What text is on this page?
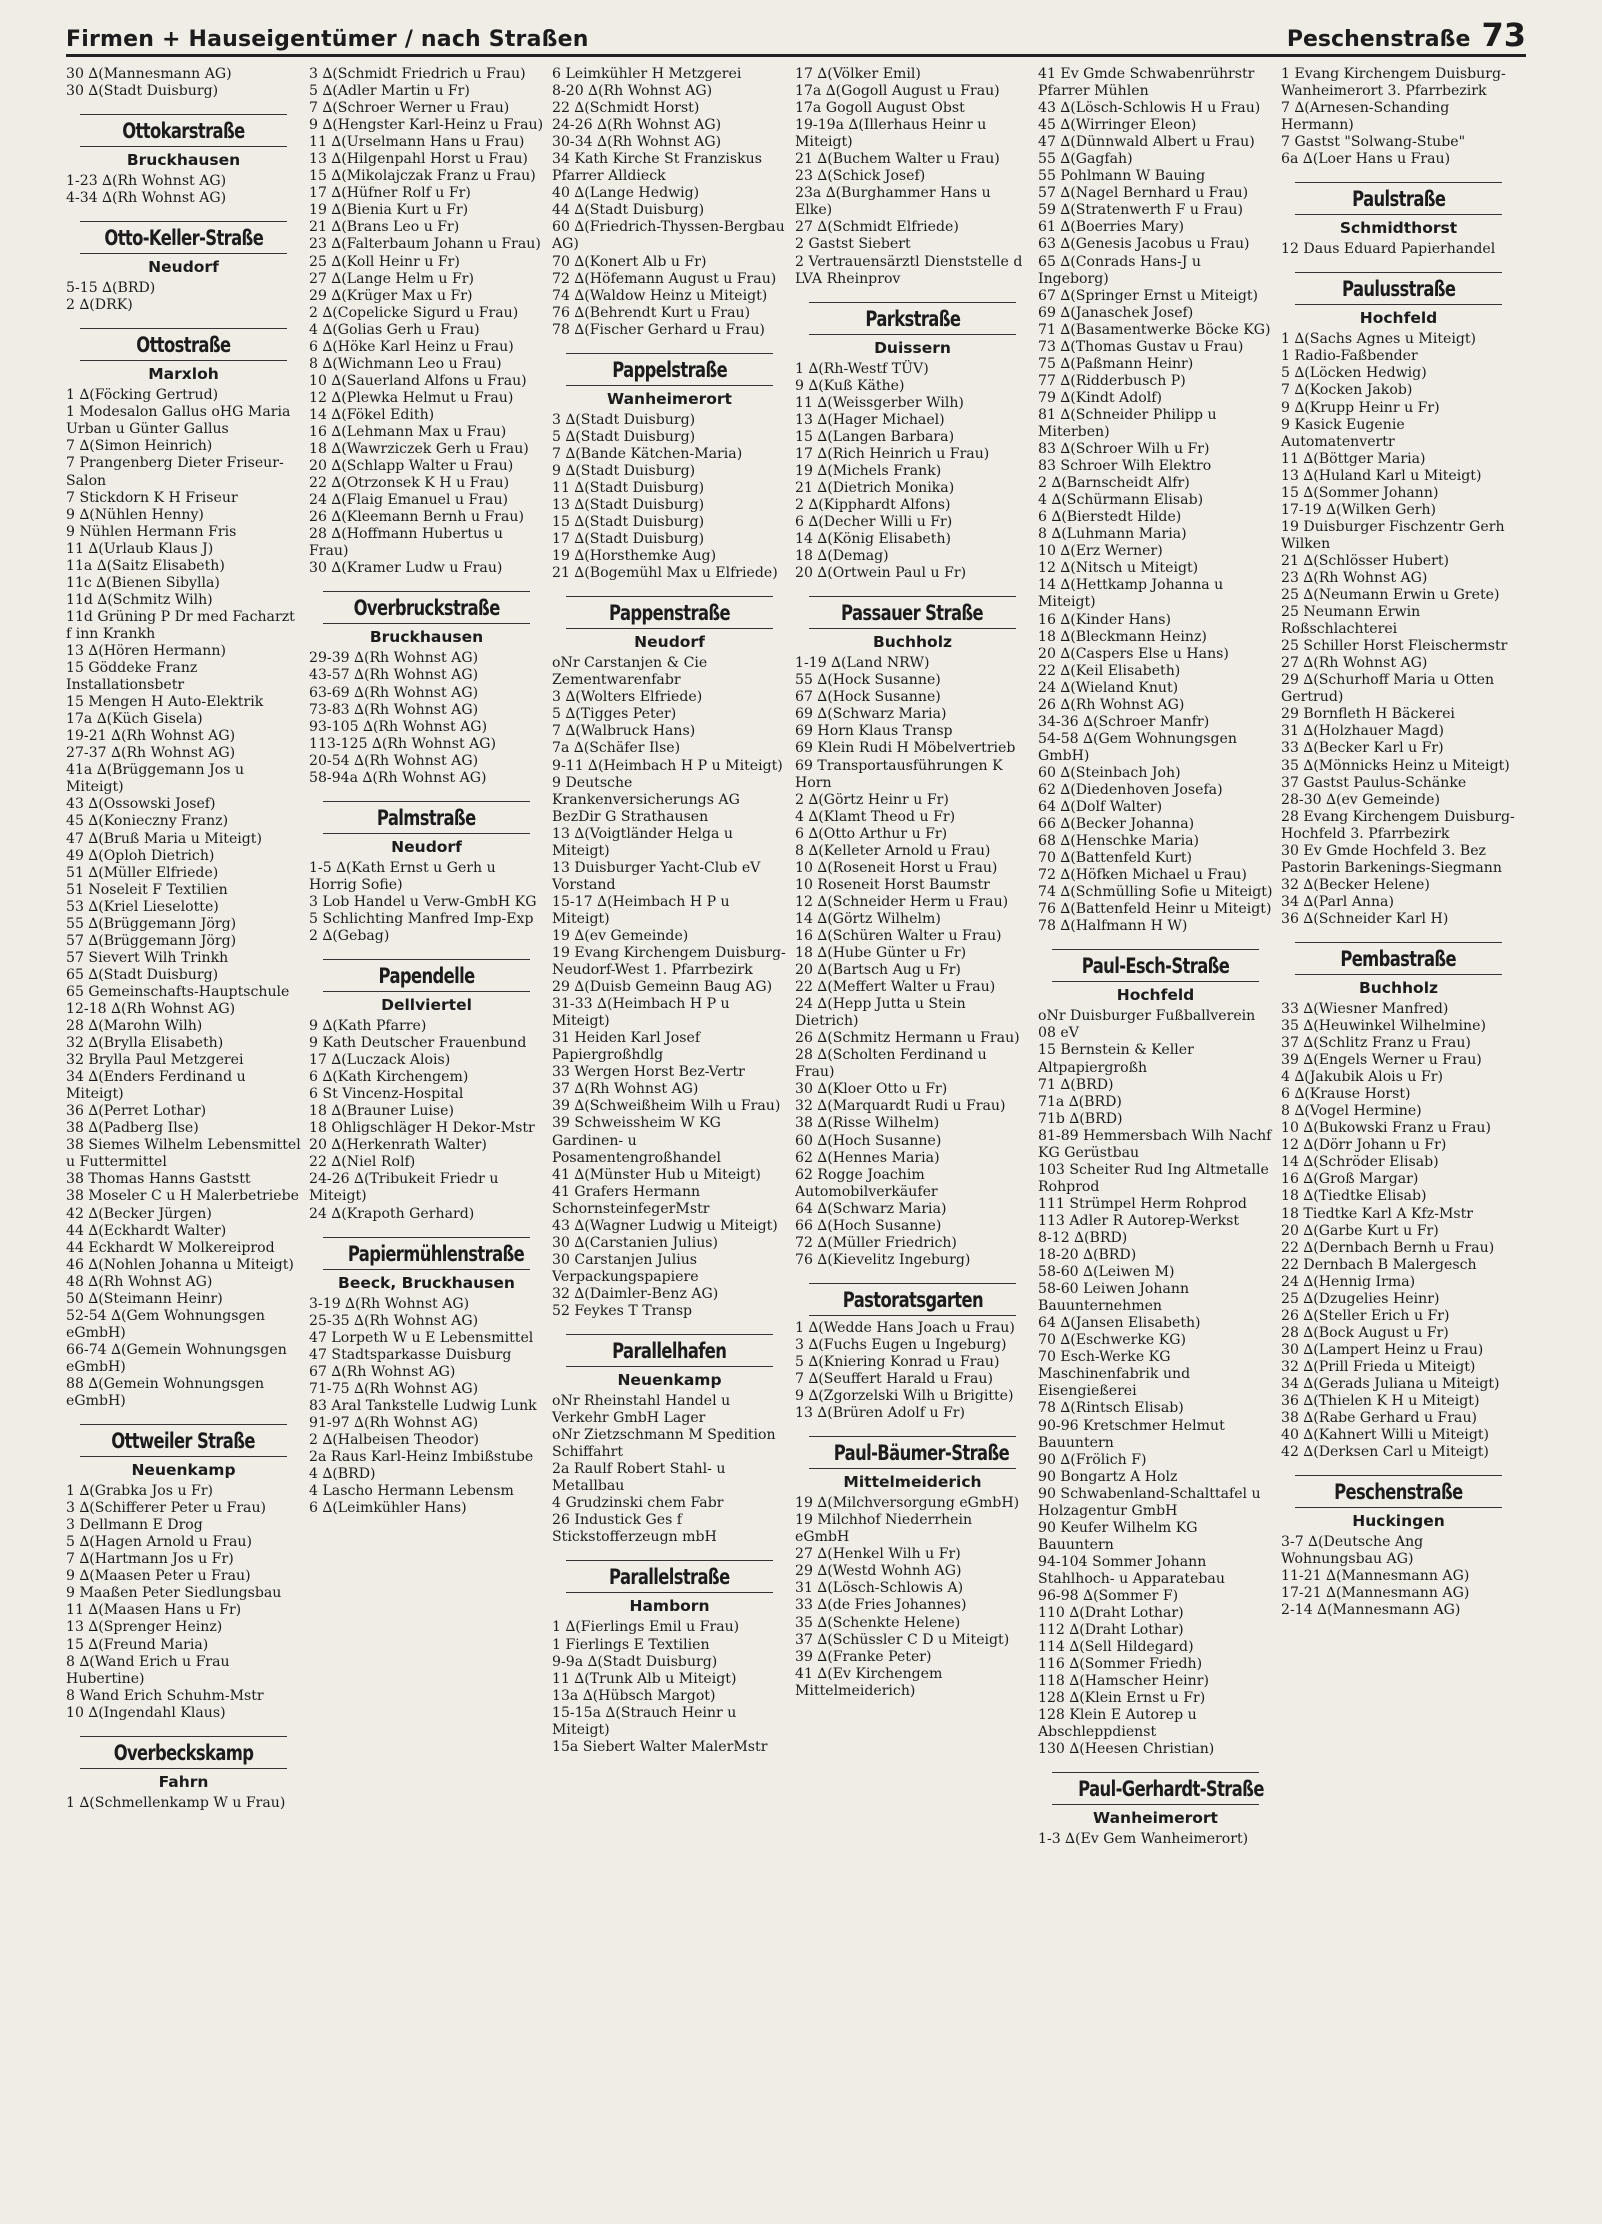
Firmen + Hauseigentümer / nach Straßen	Peschenstraße 73
30 ∆(Mannesmann AG)
30 ∆(Stadt Duisburg)
Ottokarstraße
Bruckhausen
1-23 ∆(Rh Wohnst AG)
4-34 ∆(Rh Wohnst AG)
Otto-Keller-Straße
Neudorf
5-15 ∆(BRD)
2 ∆(DRK)
Ottostraße
Marxloh
1 ∆(Föcking Gertrud)
1 Modesalon Gallus oHG Maria Urban u Günter Gallus
7 ∆(Simon Heinrich)
7 Prangenberg Dieter Friseur-Salon
7 Stickdorn K H Friseur
9 ∆(Nühlen Henny)
9 Nühlen Hermann Fris
11 ∆(Urlaub Klaus J)
11a ∆(Saitz Elisabeth)
11c ∆(Bienen Sibylla)
11d ∆(Schmitz Wilh)
11d Grüning P Dr med Facharzt f inn Krankh
13 ∆(Hören Hermann)
15 Göddeke Franz Installationsbetr
15 Mengen H Auto-Elektrik
17a ∆(Küch Gisela)
19-21 ∆(Rh Wohnst AG)
27-37 ∆(Rh Wohnst AG)
41a ∆(Brüggemann Jos u Miteigt)
43 ∆(Ossowski Josef)
45 ∆(Konieczny Franz)
47 ∆(Bruß Maria u Miteigt)
49 ∆(Oploh Dietrich)
51 ∆(Müller Elfriede)
51 Noseleit F Textilien
53 ∆(Kriel Lieselotte)
55 ∆(Brüggemann Jörg)
57 ∆(Brüggemann Jörg)
57 Sievert Wilh Trinkh
65 ∆(Stadt Duisburg)
65 Gemeinschafts-Hauptschule
12-18 ∆(Rh Wohnst AG)
28 ∆(Marohn Wilh)
32 ∆(Brylla Elisabeth)
32 Brylla Paul Metzgerei
34 ∆(Enders Ferdinand u Miteigt)
36 ∆(Perret Lothar)
38 ∆(Padberg Ilse)
38 Siemes Wilhelm Lebensmittel u Futtermittel
38 Thomas Hanns Gaststt
38 Moseler C u H Malerbetriebe
42 ∆(Becker Jürgen)
44 ∆(Eckhardt Walter)
44 Eckhardt W Molkereiprod
46 ∆(Nohlen Johanna u Miteigt)
48 ∆(Rh Wohnst AG)
50 ∆(Steimann Heinr)
52-54 ∆(Gem Wohnungsgen eGmbH)
66-74 ∆(Gemein Wohnungsgen eGmbH)
88 ∆(Gemein Wohnungsgen eGmbH)
Ottweiler Straße
Neuenkamp
1 ∆(Grabka Jos u Fr)
3 ∆(Schifferer Peter u Frau)
3 Dellmann E Drog
5 ∆(Hagen Arnold u Frau)
7 ∆(Hartmann Jos u Fr)
9 ∆(Maasen Peter u Frau)
9 Maaßen Peter Siedlungsbau
11 ∆(Maasen Hans u Fr)
13 ∆(Sprenger Heinz)
15 ∆(Freund Maria)
8 ∆(Wand Erich u Frau Hubertine)
8 Wand Erich Schuhm-Mstr
10 ∆(Ingendahl Klaus)
Overbeckskamp
Fahrn
1 ∆(Schmellenkamp W u Frau)
3 ∆(Schmidt Friedrich u Frau)
5 ∆(Adler Martin u Fr)
7 ∆(Schroer Werner u Frau)
9 ∆(Hengster Karl-Heinz u Frau)
11 ∆(Urselmann Hans u Frau)
13 ∆(Hilgenpahl Horst u Frau)
15 ∆(Mikolajczak Franz u Frau)
17 ∆(Hüfner Rolf u Fr)
19 ∆(Bienia Kurt u Fr)
21 ∆(Brans Leo u Fr)
23 ∆(Falterbaum Johann u Frau)
25 ∆(Koll Heinr u Fr)
27 ∆(Lange Helm u Fr)
29 ∆(Krüger Max u Fr)
2 ∆(Copelicke Sigurd u Frau)
4 ∆(Golias Gerh u Frau)
6 ∆(Höke Karl Heinz u Frau)
8 ∆(Wichmann Leo u Frau)
10 ∆(Sauerland Alfons u Frau)
12 ∆(Plewka Helmut u Frau)
14 ∆(Fökel Edith)
16 ∆(Lehmann Max u Frau)
18 ∆(Wawrziczek Gerh u Frau)
20 ∆(Schlapp Walter u Frau)
22 ∆(Otrzonsek K H u Frau)
24 ∆(Flaig Emanuel u Frau)
26 ∆(Kleemann Bernh u Frau)
28 ∆(Hoffmann Hubertus u Frau)
30 ∆(Kramer Ludw u Frau)
Overbruckstraße
Bruckhausen
29-39 ∆(Rh Wohnst AG)
43-57 ∆(Rh Wohnst AG)
63-69 ∆(Rh Wohnst AG)
73-83 ∆(Rh Wohnst AG)
93-105 ∆(Rh Wohnst AG)
113-125 ∆(Rh Wohnst AG)
20-54 ∆(Rh Wohnst AG)
58-94a ∆(Rh Wohnst AG)
Palmstraße
Neudorf
1-5 ∆(Kath Ernst u Gerh u Horrig Sofie)
3 Lob Handel u Verw-GmbH KG
5 Schlichting Manfred Imp-Exp
2 ∆(Gebag)
Papendelle
Dellviertel
9 ∆(Kath Pfarre)
9 Kath Deutscher Frauenbund
17 ∆(Luczack Alois)
6 ∆(Kath Kirchengem)
6 St Vincenz-Hospital
18 ∆(Brauner Luise)
18 Ohligschläger H Dekor-Mstr
20 ∆(Herkenrath Walter)
22 ∆(Niel Rolf)
24-26 ∆(Tribukeit Friedr u Miteigt)
24 ∆(Krapoth Gerhard)
Papiermühlenstraße
Beeck, Bruckhausen
3-19 ∆(Rh Wohnst AG)
25-35 ∆(Rh Wohnst AG)
47 Lorpeth W u E Lebensmittel
47 Stadtsparkasse Duisburg
67 ∆(Rh Wohnst AG)
71-75 ∆(Rh Wohnst AG)
83 Aral Tankstelle Ludwig Lunk
91-97 ∆(Rh Wohnst AG)
2 ∆(Halbeisen Theodor)
2a Raus Karl-Heinz Imbißstube
4 ∆(BRD)
4 Lascho Hermann Lebensm
6 ∆(Leimkühler Hans)
6 Leimkühler H Metzgerei
8-20 ∆(Rh Wohnst AG)
22 ∆(Schmidt Horst)
24-26 ∆(Rh Wohnst AG)
30-34 ∆(Rh Wohnst AG)
34 Kath Kirche St Franziskus Pfarrer Alldieck
40 ∆(Lange Hedwig)
44 ∆(Stadt Duisburg)
60 ∆(Friedrich-Thyssen-Bergbau AG)
70 ∆(Konert Alb u Fr)
72 ∆(Höfemann August u Frau)
74 ∆(Waldow Heinz u Miteigt)
76 ∆(Behrendt Kurt u Frau)
78 ∆(Fischer Gerhard u Frau)
Pappelstraße
Wanheimerort
3 ∆(Stadt Duisburg)
5 ∆(Stadt Duisburg)
7 ∆(Bande Kätchen-Maria)
9 ∆(Stadt Duisburg)
11 ∆(Stadt Duisburg)
13 ∆(Stadt Duisburg)
15 ∆(Stadt Duisburg)
17 ∆(Stadt Duisburg)
19 ∆(Horsthemke Aug)
21 ∆(Bogemühl Max u Elfriede)
Pappenstraße
Neudorf
oNr Carstanjen & Cie Zementwarenfabr
3 ∆(Wolters Elfriede)
5 ∆(Tigges Peter)
7 ∆(Walbruck Hans)
7a ∆(Schäfer Ilse)
9-11 ∆(Heimbach H P u Miteigt)
9 Deutsche Krankenversicherungs AG BezDir G Strathausen
13 ∆(Voigtländer Helga u Miteigt)
13 Duisburger Yacht-Club eV Vorstand
15-17 ∆(Heimbach H P u Miteigt)
19 ∆(ev Gemeinde)
19 Evang Kirchengem Duisburg-Neudorf-West 1. Pfarrbezirk
29 ∆(Duisb Gemeinn Baug AG)
31-33 ∆(Heimbach H P u Miteigt)
31 Heiden Karl Josef Papiergroßhdlg
33 Wergen Horst Bez-Vertr
37 ∆(Rh Wohnst AG)
39 ∆(Schweißheim Wilh u Frau)
39 Schweissheim W KG Gardinen- u Posamentengroßhandel
41 ∆(Münster Hub u Miteigt)
41 Grafers Hermann SchornsteinfegerMstr
43 ∆(Wagner Ludwig u Miteigt)
30 ∆(Carstanien Julius)
30 Carstanjen Julius Verpackungspapiere
32 ∆(Daimler-Benz AG)
52 Feykes T Transp
Parallelhafen
Neuenkamp
oNr Rheinstahl Handel u Verkehr GmbH Lager
oNr Zietzschmann M Spedition Schiffahrt
2a Raulf Robert Stahl- u Metallbau
4 Grudzinski chem Fabr
26 Industick Ges f Stickstofferzeugn mbH
Parallelstraße
Hamborn
1 ∆(Fierlings Emil u Frau)
1 Fierlings E Textilien
9-9a ∆(Stadt Duisburg)
11 ∆(Trunk Alb u Miteigt)
13a ∆(Hübsch Margot)
15-15a ∆(Strauch Heinr u Miteigt)
15a Siebert Walter MalerMstr
17 ∆(Völker Emil)
17a ∆(Gogoll August u Frau)
17a Gogoll August Obst
19-19a ∆(Illerhaus Heinr u Miteigt)
21 ∆(Buchem Walter u Frau)
23 ∆(Schick Josef)
23a ∆(Burghammer Hans u Elke)
27 ∆(Schmidt Elfriede)
2 Gastst Siebert
2 Vertrauensärztl Dienststelle d LVA Rheinprov
Parkstraße
Duissern
1 ∆(Rh-Westf TÜV)
9 ∆(Kuß Käthe)
11 ∆(Weissgerber Wilh)
13 ∆(Hager Michael)
15 ∆(Langen Barbara)
17 ∆(Rich Heinrich u Frau)
19 ∆(Michels Frank)
21 ∆(Dietrich Monika)
2 ∆(Kipphardt Alfons)
6 ∆(Decher Willi u Fr)
14 ∆(König Elisabeth)
18 ∆(Demag)
20 ∆(Ortwein Paul u Fr)
Passauer Straße
Buchholz
1-19 ∆(Land NRW)
55 ∆(Hock Susanne)
67 ∆(Hock Susanne)
69 ∆(Schwarz Maria)
69 Horn Klaus Transp
69 Klein Rudi H Möbelvertrieb
69 Transportausführungen K Horn
2 ∆(Görtz Heinr u Fr)
4 ∆(Klamt Theod u Fr)
6 ∆(Otto Arthur u Fr)
8 ∆(Kelleter Arnold u Frau)
10 ∆(Roseneit Horst u Frau)
10 Roseneit Horst Baumstr
12 ∆(Schneider Herm u Frau)
14 ∆(Görtz Wilhelm)
16 ∆(Schüren Walter u Frau)
18 ∆(Hube Günter u Fr)
20 ∆(Bartsch Aug u Fr)
22 ∆(Meffert Walter u Frau)
24 ∆(Hepp Jutta u Stein Dietrich)
26 ∆(Schmitz Hermann u Frau)
28 ∆(Scholten Ferdinand u Frau)
30 ∆(Kloer Otto u Fr)
32 ∆(Marquardt Rudi u Frau)
38 ∆(Risse Wilhelm)
60 ∆(Hoch Susanne)
62 ∆(Hennes Maria)
62 Rogge Joachim Automobilverkäufer
64 ∆(Schwarz Maria)
66 ∆(Hoch Susanne)
72 ∆(Müller Friedrich)
76 ∆(Kievelitz Ingeburg)
Pastoratsgarten
1 ∆(Wedde Hans Joach u Frau)
3 ∆(Fuchs Eugen u Ingeburg)
5 ∆(Kniering Konrad u Frau)
7 ∆(Seuffert Harald u Frau)
9 ∆(Zgorzelski Wilh u Brigitte)
13 ∆(Brüren Adolf u Fr)
Paul-Bäumer-Straße
Mittelmeiderich
19 ∆(Milchversorgung eGmbH)
19 Milchhof Niederrhein eGmbH
27 ∆(Henkel Wilh u Fr)
29 ∆(Westd Wohnh AG)
31 ∆(Lösch-Schlowis A)
33 ∆(de Fries Johannes)
35 ∆(Schenkte Helene)
37 ∆(Schüssler C D u Miteigt)
39 ∆(Franke Peter)
41 ∆(Ev Kirchengem Mittelmeiderich)
41 Ev Gmde Schwabenrührstr Pfarrer Mühlen
43 ∆(Lösch-Schlowis H u Frau)
45 ∆(Wirringer Eleon)
47 ∆(Dünnwald Albert u Frau)
55 ∆(Gagfah)
55 Pohlmann W Bauing
57 ∆(Nagel Bernhard u Frau)
59 ∆(Stratenwerth F u Frau)
61 ∆(Boerries Mary)
63 ∆(Genesis Jacobus u Frau)
65 ∆(Conrads Hans-J u Ingeborg)
67 ∆(Springer Ernst u Miteigt)
69 ∆(Janaschek Josef)
71 ∆(Basamentwerke Böcke KG)
73 ∆(Thomas Gustav u Frau)
75 ∆(Paßmann Heinr)
77 ∆(Ridderbusch P)
79 ∆(Kindt Adolf)
81 ∆(Schneider Philipp u Miterben)
83 ∆(Schroer Wilh u Fr)
83 Schroer Wilh Elektro
2 ∆(Barnscheidt Alfr)
4 ∆(Schürmann Elisab)
6 ∆(Bierstedt Hilde)
8 ∆(Luhmann Maria)
10 ∆(Erz Werner)
12 ∆(Nitsch u Miteigt)
14 ∆(Hettkamp Johanna u Miteigt)
16 ∆(Kinder Hans)
18 ∆(Bleckmann Heinz)
20 ∆(Caspers Else u Hans)
22 ∆(Keil Elisabeth)
24 ∆(Wieland Knut)
26 ∆(Rh Wohnst AG)
34-36 ∆(Schroer Manfr)
54-58 ∆(Gem Wohnungsgen GmbH)
60 ∆(Steinbach Joh)
62 ∆(Diedenhoven Josefa)
64 ∆(Dolf Walter)
66 ∆(Becker Johanna)
68 ∆(Henschke Maria)
70 ∆(Battenfeld Kurt)
72 ∆(Höfken Michael u Frau)
74 ∆(Schmülling Sofie u Miteigt)
76 ∆(Battenfeld Heinr u Miteigt)
78 ∆(Halfmann H W)
Paul-Esch-Straße
Hochfeld
oNr Duisburger Fußballverein 08 eV
15 Bernstein & Keller Altpapiergroßh
71 ∆(BRD)
71a ∆(BRD)
71b ∆(BRD)
81-89 Hemmersbach Wilh Nachf KG Gerüstbau
103 Scheiter Rud Ing Altmetalle Rohprod
111 Strümpel Herm Rohprod
113 Adler R Autorep-Werkst
8-12 ∆(BRD)
18-20 ∆(BRD)
58-60 ∆(Leiwen M)
58-60 Leiwen Johann Bauunternehmen
64 ∆(Jansen Elisabeth)
70 ∆(Eschwerke KG)
70 Esch-Werke KG Maschinenfabrik und Eisengießerei
78 ∆(Rintsch Elisab)
90-96 Kretschmer Helmut Bauuntern
90 ∆(Frölich F)
90 Bongartz A Holz
90 Schwabenland-Schalttafel u Holzagentur GmbH
90 Keufer Wilhelm KG Bauuntern
94-104 Sommer Johann Stahlhoch- u Apparatebau
96-98 ∆(Sommer F)
110 ∆(Draht Lothar)
112 ∆(Draht Lothar)
114 ∆(Sell Hildegard)
116 ∆(Sommer Friedh)
118 ∆(Hamscher Heinr)
128 ∆(Klein Ernst u Fr)
128 Klein E Autorep u Abschleppdienst
130 ∆(Heesen Christian)
Paul-Gerhardt-Straße
Wanheimerort
1-3 ∆(Ev Gem Wanheimerort)
1 Evang Kirchengem Duisburg-Wanheimerort 3. Pfarrbezirk
7 ∆(Arnesen-Schanding Hermann)
7 Gastst "Solwang-Stube"
6a ∆(Loer Hans u Frau)
Paulstraße
Schmidthorst
12 Daus Eduard Papierhandel
Paulusstraße
Hochfeld
1 ∆(Sachs Agnes u Miteigt)
1 Radio-Faßbender
5 ∆(Löcken Hedwig)
7 ∆(Kocken Jakob)
9 ∆(Krupp Heinr u Fr)
9 Kasick Eugenie Automatenvertr
11 ∆(Böttger Maria)
13 ∆(Huland Karl u Miteigt)
15 ∆(Sommer Johann)
17-19 ∆(Wilken Gerh)
19 Duisburger Fischzentr Gerh Wilken
21 ∆(Schlösser Hubert)
23 ∆(Rh Wohnst AG)
25 ∆(Neumann Erwin u Grete)
25 Neumann Erwin Roßschlachterei
25 Schiller Horst Fleischermstr
27 ∆(Rh Wohnst AG)
29 ∆(Schurhoff Maria u Otten Gertrud)
29 Bornfleth H Bäckerei
31 ∆(Holzhauer Magd)
33 ∆(Becker Karl u Fr)
35 ∆(Mönnicks Heinz u Miteigt)
37 Gastst Paulus-Schänke
28-30 ∆(ev Gemeinde)
28 Evang Kirchengem Duisburg-Hochfeld 3. Pfarrbezirk
30 Ev Gmde Hochfeld 3. Bez Pastorin Barkenings-Siegmann
32 ∆(Becker Helene)
34 ∆(Parl Anna)
36 ∆(Schneider Karl H)
Pembastraße
Buchholz
33 ∆(Wiesner Manfred)
35 ∆(Heuwinkel Wilhelmine)
37 ∆(Schlitz Franz u Frau)
39 ∆(Engels Werner u Frau)
4 ∆(Jakubik Alois u Fr)
6 ∆(Krause Horst)
8 ∆(Vogel Hermine)
10 ∆(Bukowski Franz u Frau)
12 ∆(Dörr Johann u Fr)
14 ∆(Schröder Elisab)
16 ∆(Groß Margar)
18 ∆(Tiedtke Elisab)
18 Tiedtke Karl A Kfz-Mstr
20 ∆(Garbe Kurt u Fr)
22 ∆(Dernbach Bernh u Frau)
22 Dernbach B Malergesch
24 ∆(Hennig Irma)
25 ∆(Dzugelies Heinr)
26 ∆(Steller Erich u Fr)
28 ∆(Bock August u Fr)
30 ∆(Lampert Heinz u Frau)
32 ∆(Prill Frieda u Miteigt)
34 ∆(Gerads Juliana u Miteigt)
36 ∆(Thielen K H u Miteigt)
38 ∆(Rabe Gerhard u Frau)
40 ∆(Kahnert Willi u Miteigt)
42 ∆(Derksen Carl u Miteigt)
Peschenstraße
Huckingen
3-7 ∆(Deutsche Ang Wohnungsbau AG)
11-21 ∆(Mannesmann AG)
17-21 ∆(Mannesmann AG)
2-14 ∆(Mannesmann AG)
